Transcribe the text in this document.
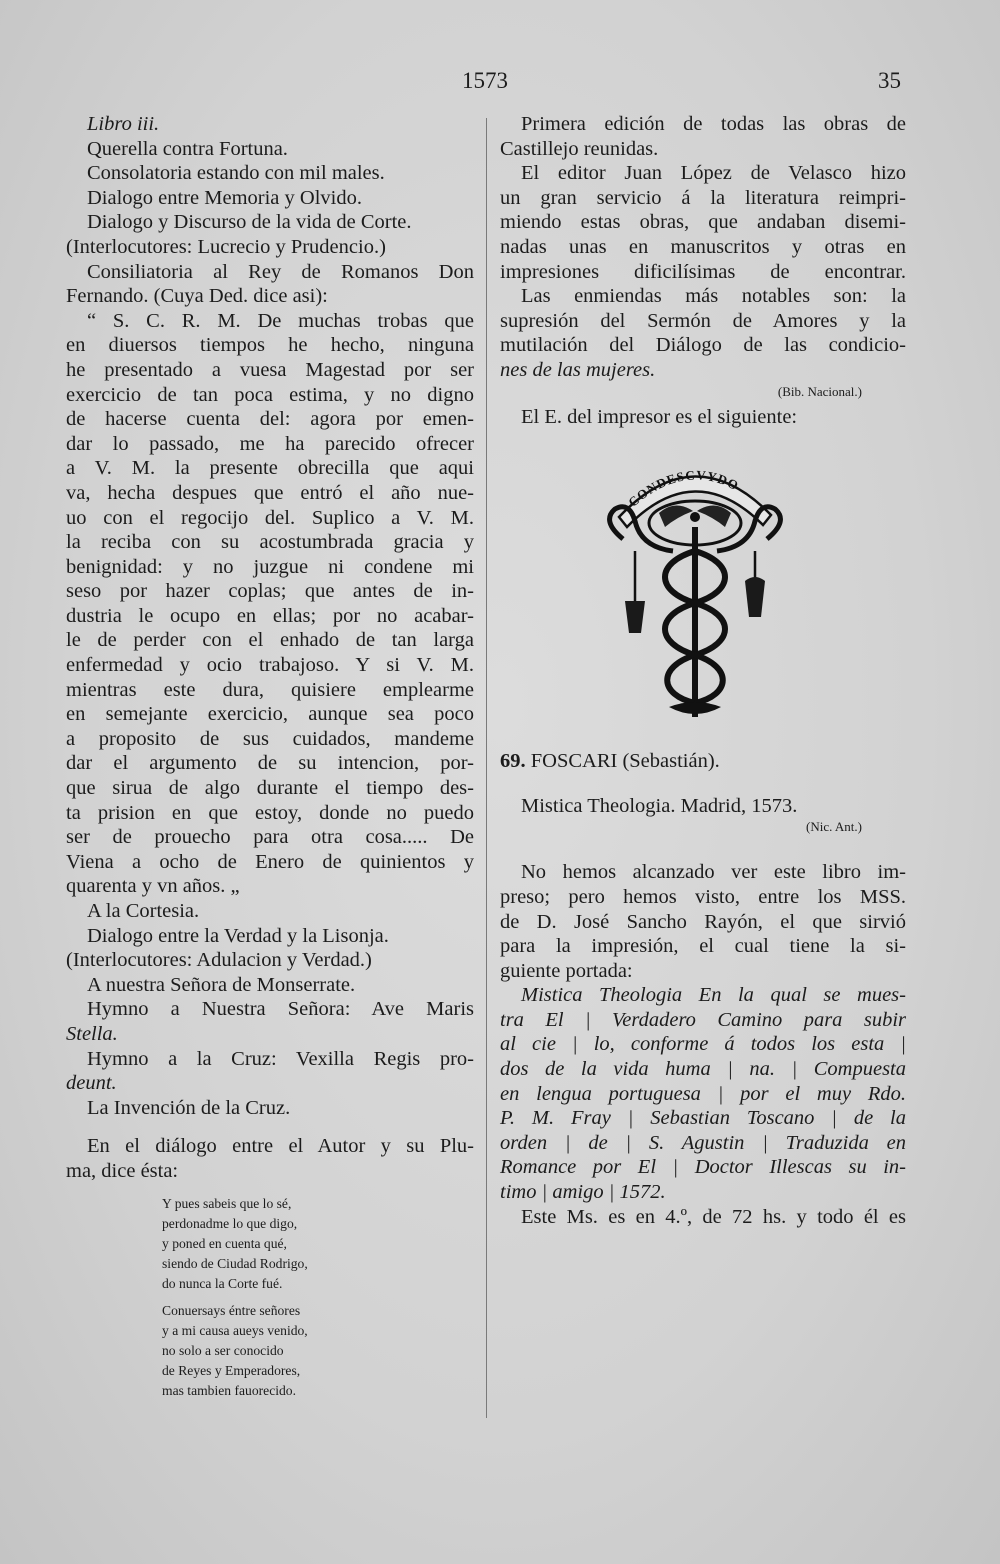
1573	35
Libro iii.
Querella contra Fortuna.
Consolatoria estando con mil males.
Dialogo entre Memoria y Olvido.
Dialogo y Discurso de la vida de Corte.
(Interlocutores: Lucrecio y Prudencio.)
Consiliatoria al Rey de Romanos Don
Fernando. (Cuya Ded. dice asi):
“ S. C. R. M. De muchas trobas que
en diuersos tiempos he hecho, ninguna
he presentado a vuesa Magestad por ser
exercicio de tan poca estima, y no digno
de hacerse cuenta del: agora por emen-
dar lo passado, me ha parecido ofrecer
a V. M. la presente obrecilla que aqui
va, hecha despues que entró el año nue-
uo con el regocijo del. Suplico a V. M.
la reciba con su acostumbrada gracia y
benignidad: y no juzgue ni condene mi
seso por hazer coplas; que antes de in-
dustria le ocupo en ellas; por no acabar-
le de perder con el enhado de tan larga
enfermedad y ocio trabajoso. Y si V. M.
mientras este dura, quisiere emplearme
en semejante exercicio, aunque sea poco
a proposito de sus cuidados, mandeme
dar el argumento de su intencion, por-
que sirua de algo durante el tiempo des-
ta prision en que estoy, donde no puedo
ser de prouecho para otra cosa..... De
Viena a ocho de Enero de quinientos y
quarenta y vn años. „
A la Cortesia.
Dialogo entre la Verdad y la Lisonja.
(Interlocutores: Adulacion y Verdad.)
A nuestra Señora de Monserrate.
Hymno a Nuestra Señora: Ave Maris
Stella.
Hymno a la Cruz: Vexilla Regis pro-
deunt.
La Invención de la Cruz.
En el diálogo entre el Autor y su Plu-
ma, dice ésta:
Y pues sabeis que lo sé,
perdonadme lo que digo,
y poned en cuenta qué,
siendo de Ciudad Rodrigo,
do nunca la Corte fué.
Conuersays éntre señores
y a mi causa aueys venido,
no solo a ser conocido
de Reyes y Emperadores,
mas tambien fauorecido.
Primera edición de todas las obras de
Castillejo reunidas.
El editor Juan López de Velasco hizo
un gran servicio á la literatura reimpri-
miendo estas obras, que andaban disemi-
nadas unas en manuscritos y otras en
impresiones dificilísimas de encontrar.
Las enmiendas más notables son: la
supresión del Sermón de Amores y la
mutilación del Diálogo de las condicio-
nes de las mujeres.
(Bib. Nacional.)
El E. del impresor es el siguiente:
CONDESCVYDO
69. FOSCARI (Sebastián).
Mistica Theologia. Madrid, 1573.
(Nic. Ant.)
No hemos alcanzado ver este libro im-
preso; pero hemos visto, entre los MSS.
de D. José Sancho Rayón, el que sirvió
para la impresión, el cual tiene la si-
guiente portada:
Mistica Theologia En la qual se mues-
tra El | Verdadero Camino para subir
al cie | lo, conforme á todos los esta |
dos de la vida huma | na. | Compuesta
en lengua portuguesa | por el muy Rdo.
P. M. Fray | Sebastian Toscano | de la
orden | de | S. Agustin | Traduzida en
Romance por El | Doctor Illescas su in-
timo | amigo | 1572.
Este Ms. es en 4.º, de 72 hs. y todo él es
